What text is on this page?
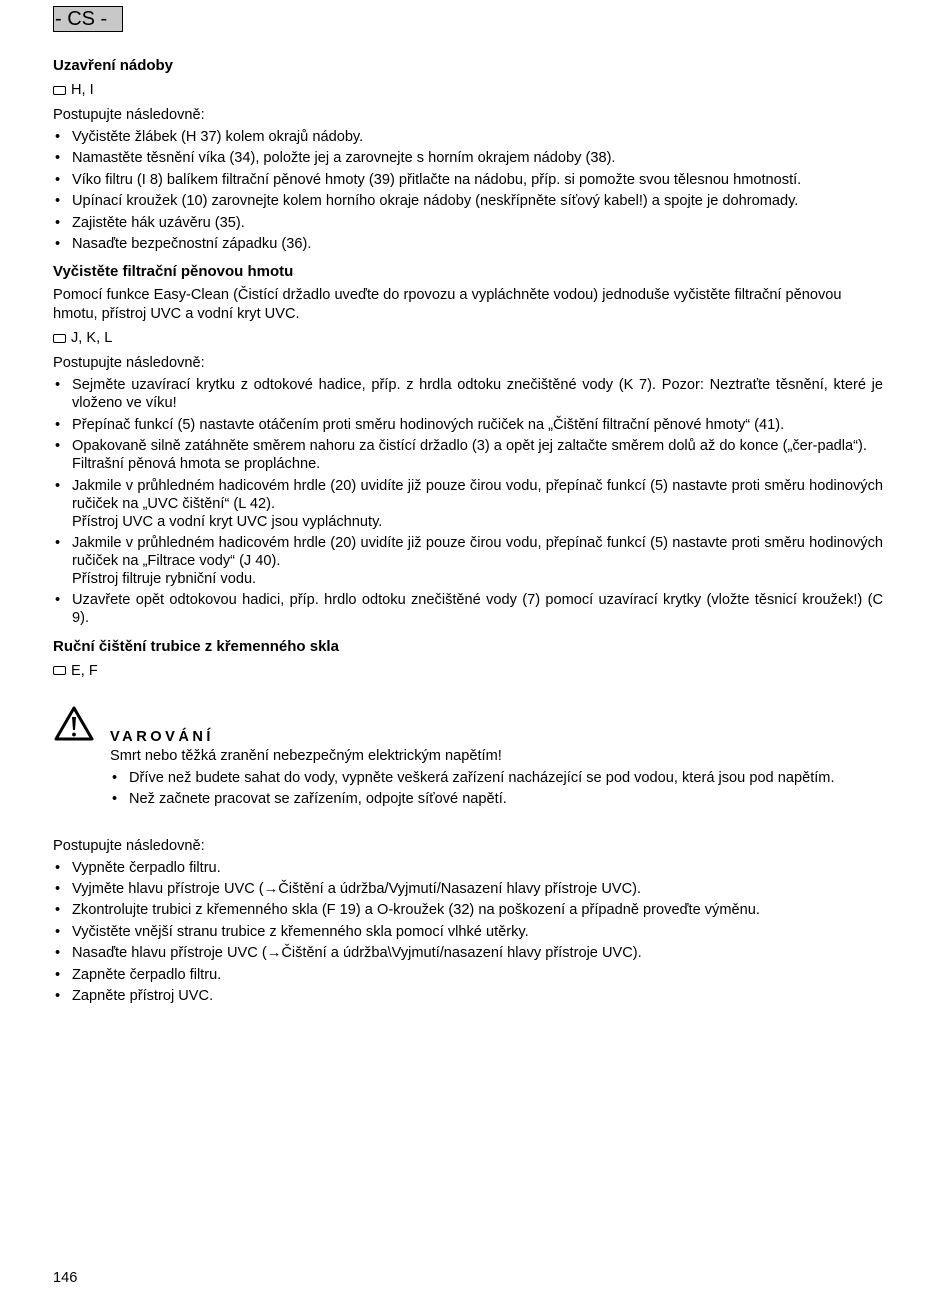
- CS -
Uzavření nádoby
H, I
Postupujte následovně:
• Vyčistěte žlábek (H 37) kolem okrajů nádoby.
• Namastěte těsnění víka (34), položte jej a zarovnejte s horním okrajem nádoby (38).
• Víko filtru (I 8) balíkem filtrační pěnové hmoty (39) přitlačte na nádobu, příp. si pomožte svou tělesnou hmotností.
• Upínací kroužek (10) zarovnejte kolem horního okraje nádoby (neskřípněte síťový kabel!) a spojte je dohromady.
• Zajistěte hák uzávěru (35).
• Nasaďte bezpečnostní západku (36).
Vyčistěte filtrační pěnovou hmotu
Pomocí funkce Easy-Clean (Čistící držadlo uveďte do rpovozu a vypláchněte vodou) jednoduše vyčistěte filtrační pěnovou hmotu, přístroj UVC a vodní kryt UVC.
J, K, L
Postupujte následovně:
• Sejměte uzavírací krytku z odtokové hadice, příp. z hrdla odtoku znečištěné vody (K 7). Pozor: Neztraťte těsnění, které je vloženo ve víku!
• Přepínač funkcí (5) nastavte otáčením proti směru hodinových ručiček na „Čištění filtrační pěnové hmoty“ (41).
• Opakovaně silně zatáhněte směrem nahoru za čistící držadlo (3) a opět jej zaltačte směrem dolů až do konce („čer-padla“).
Filtrašní pěnová hmota se propláchne.
• Jakmile v průhledném hadicovém hrdle (20) uvidíte již pouze čirou vodu, přepínač funkcí (5) nastavte proti směru hodinových ručiček na „UVC čištění“ (L 42).
Přístroj UVC a vodní kryt UVC jsou vypláchnuty.
• Jakmile v průhledném hadicovém hrdle (20) uvidíte již pouze čirou vodu, přepínač funkcí (5) nastavte proti směru hodinových ručiček na „Filtrace vody“ (J 40).
Přístroj filtruje rybniční vodu.
• Uzavřete opět odtokovou hadici, příp. hrdlo odtoku znečištěné vody (7) pomocí uzavírací krytky (vložte těsnicí kroužek!) (C 9).
Ruční čištění trubice z křemenného skla
E, F
VAROVÁNÍ
Smrt nebo těžká zranění nebezpečným elektrickým napětím!
• Dříve než budete sahat do vody, vypněte veškerá zařízení nacházející se pod vodou, která jsou pod napětím.
• Než začnete pracovat se zařízením, odpojte síťové napětí.
Postupujte následovně:
• Vypněte čerpadlo filtru.
• Vyjměte hlavu přístroje UVC (→Čištění a údržba/Vyjmutí/Nasazení hlavy přístroje UVC).
• Zkontrolujte trubici z křemenného skla (F 19) a O-kroužek (32) na poškození a případně proveďte výměnu.
• Vyčistěte vnější stranu trubice z křemenného skla pomocí vlhké utěrky.
• Nasaďte hlavu přístroje UVC (→Čištění a údržba\Vyjmutí/nasazení hlavy přístroje UVC).
• Zapněte čerpadlo filtru.
• Zapněte přístroj UVC.
146
